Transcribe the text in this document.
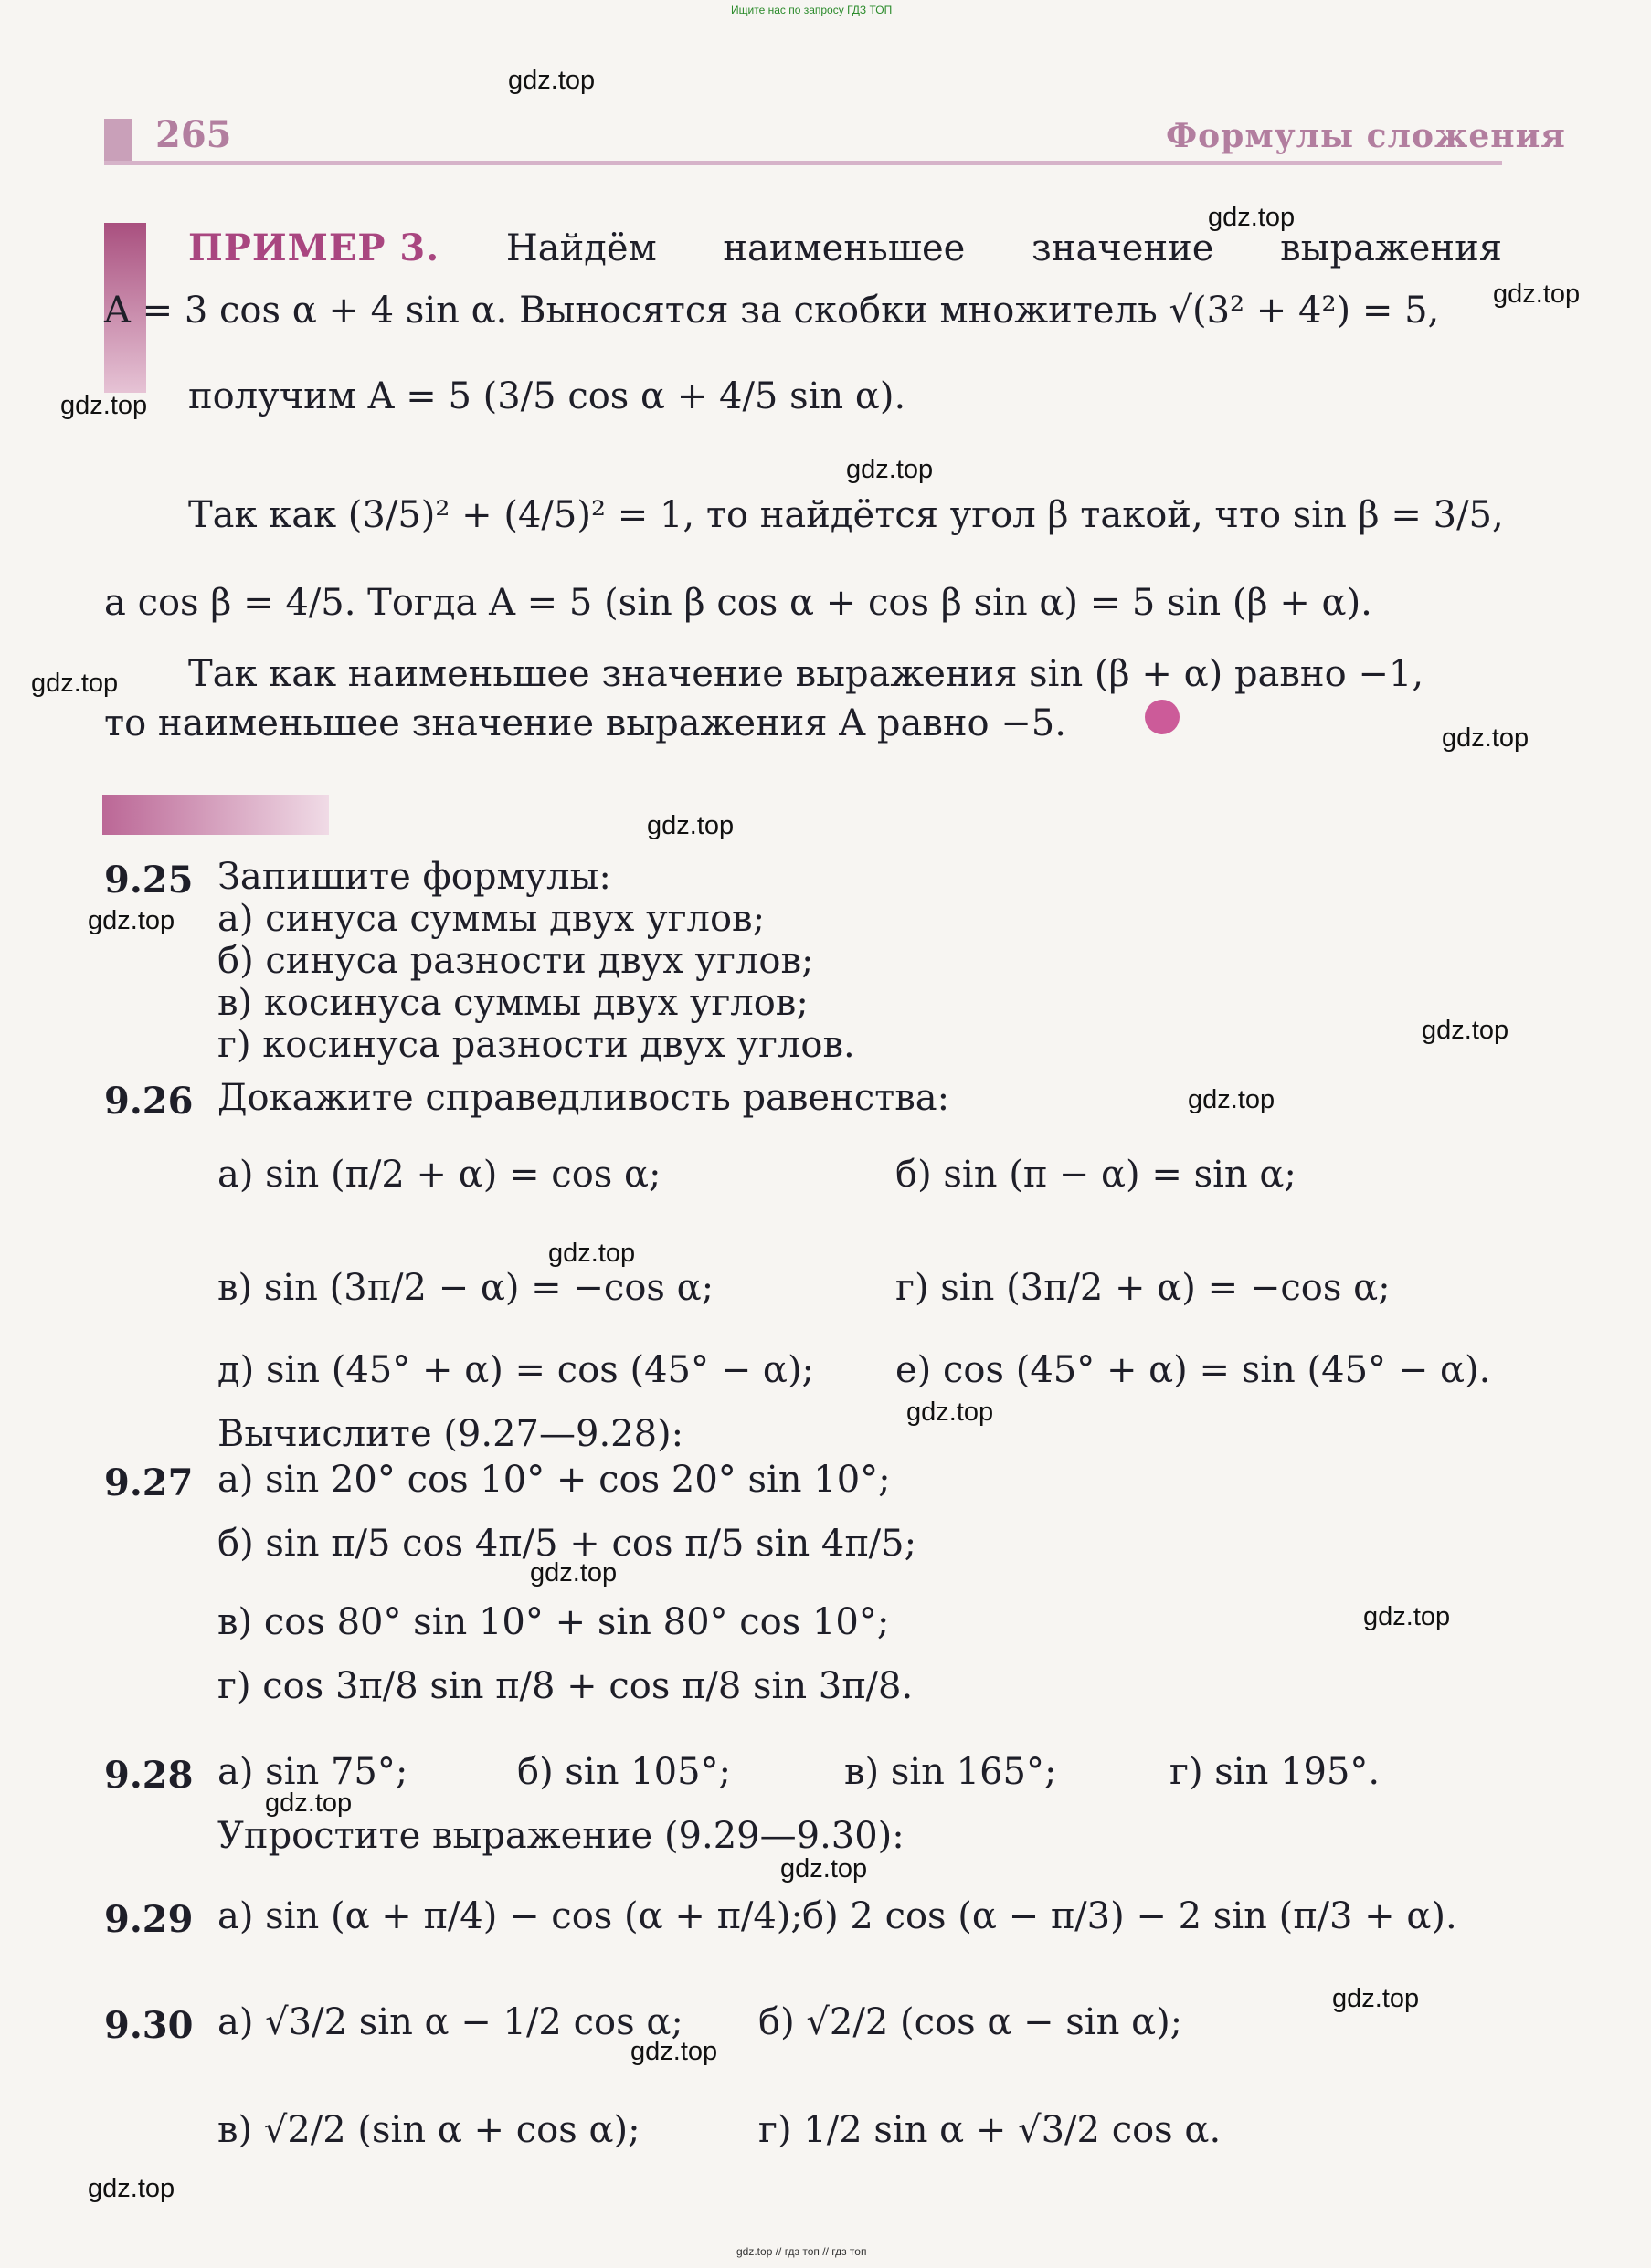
Ищите нас по запросу ГДЗ ТОП
gdz.top // гдз топ // гдз топ
265	Формулы сложения
ПРИМЕР 3. Найдём наименьшее значение выражения
A = 3 cos α + 4 sin α. Выносятся за скобки множитель √(3² + 4²) = 5,
получим A = 5 (3/5 cos α + 4/5 sin α).
Так как (3/5)² + (4/5)² = 1, то найдётся угол β такой, что sin β = 3/5,
а cos β = 4/5. Тогда A = 5 (sin β cos α + cos β sin α) = 5 sin (β + α).
Так как наименьшее значение выражения sin (β + α) равно −1,
то наименьшее значение выражения A равно −5.
9.25 Запишите формулы:
а) синуса суммы двух углов;
б) синуса разности двух углов;
в) косинуса суммы двух углов;
г) косинуса разности двух углов.
9.26 Докажите справедливость равенства:
а) sin (π/2 + α) = cos α;	б) sin (π − α) = sin α;
в) sin (3π/2 − α) = −cos α;	г) sin (3π/2 + α) = −cos α;
д) sin (45° + α) = cos (45° − α); е) cos (45° + α) = sin (45° − α).
Вычислите (9.27—9.28):
9.27 а) sin 20° cos 10° + cos 20° sin 10°;
б) sin π/5 cos 4π/5 + cos π/5 sin 4π/5;
в) cos 80° sin 10° + sin 80° cos 10°;
г) cos 3π/8 sin π/8 + cos π/8 sin 3π/8.
9.28 а) sin 75°;	б) sin 105°;	в) sin 165°;	г) sin 195°.
Упростите выражение (9.29—9.30):
9.29 а) sin (α + π/4) − cos (α + π/4); б) 2 cos (α − π/3) − 2 sin (π/3 + α).
9.30 а) √3/2 sin α − 1/2 cos α; б) √2/2 (cos α − sin α);
в) √2/2 (sin α + cos α);	г) 1/2 sin α + √3/2 cos α.
gdz.top
gdz.top
gdz.top
gdz.top
gdz.top
gdz.top
gdz.top
gdz.top
gdz.top
gdz.top
gdz.top
gdz.top
gdz.top
gdz.top
gdz.top
gdz.top
gdz.top
gdz.top
gdz.top
gdz.top
